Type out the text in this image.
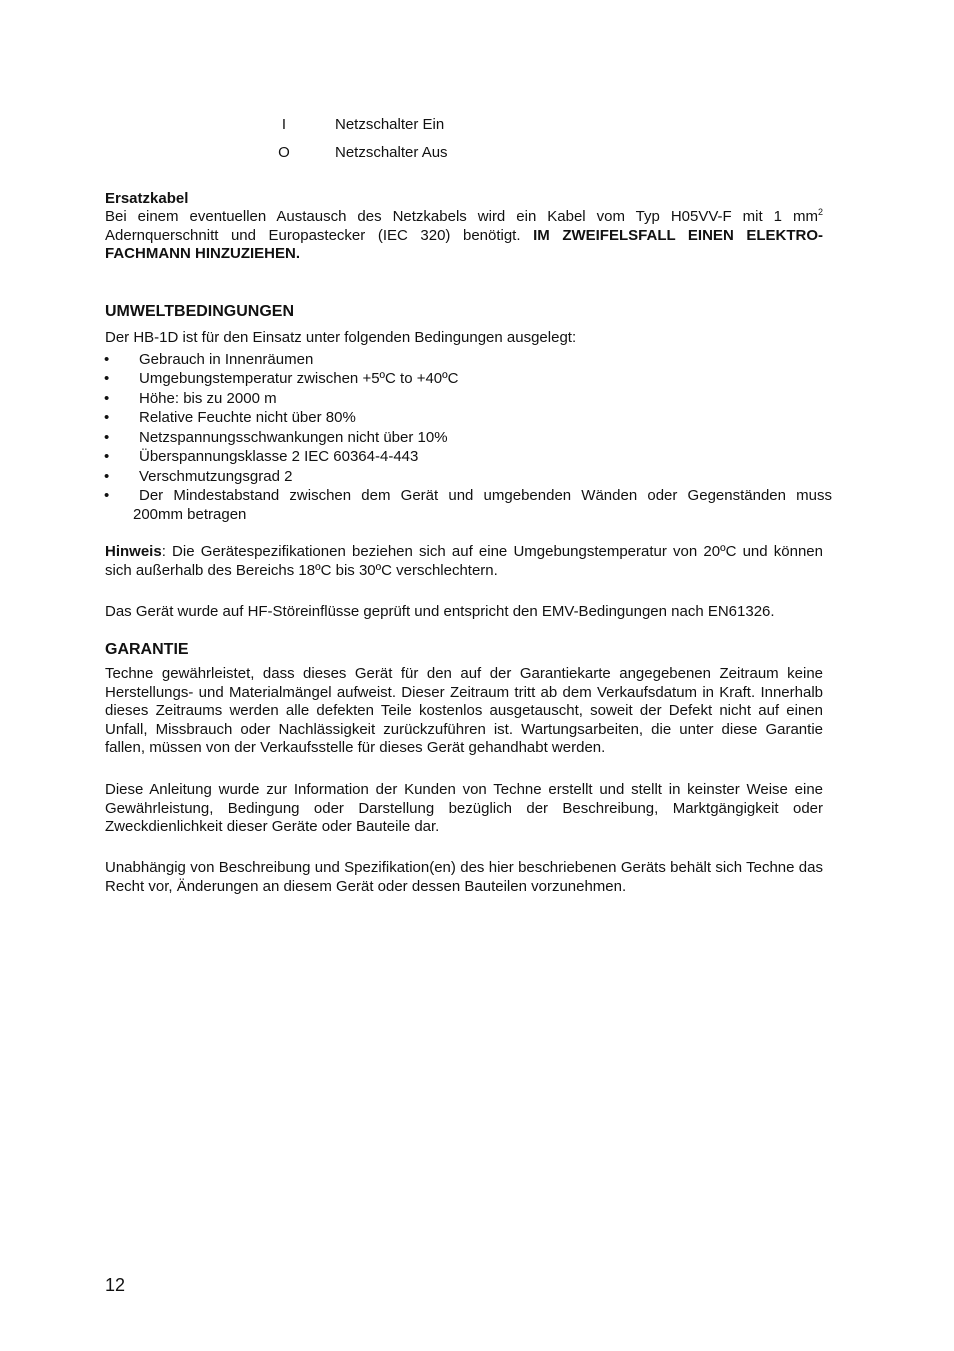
I	Netzschalter Ein
O	Netzschalter Aus
Ersatzkabel
Bei einem eventuellen Austausch des Netzkabels wird ein Kabel vom Typ H05VV-F mit 1 $mm^2$ Adernquerschnitt und Europastecker (IEC 320) benötigt. IM ZWEIFELSFALL EINEN ELEKTRO-FACHMANN HINZUZIEHEN.
UMWELTBEDINGUNGEN
Der HB-1D ist für den Einsatz unter folgenden Bedingungen ausgelegt:
• Gebrauch in Innenräumen
• Umgebungstemperatur zwischen +5ºC to +40ºC
• Höhe: bis zu 2000 m
• Relative Feuchte nicht über 80%
• Netzspannungsschwankungen nicht über 10%
• Überspannungsklasse 2 IEC 60364-4-443
• Verschmutzungsgrad 2
• Der Mindestabstand zwischen dem Gerät und umgebenden Wänden oder Gegenständen muss
200mm betragen
Hinweis: Die Gerätespezifikationen beziehen sich auf eine Umgebungstemperatur von 20ºC und können sich außerhalb des Bereichs 18ºC bis 30ºC verschlechtern.
Das Gerät wurde auf HF-Störeinflüsse geprüft und entspricht den EMV-Bedingungen nach EN61326.
GARANTIE
Techne gewährleistet, dass dieses Gerät für den auf der Garantiekarte angegebenen Zeitraum keine Herstellungs- und Materialmängel aufweist. Dieser Zeitraum tritt ab dem Verkaufsdatum in Kraft. Innerhalb dieses Zeitraums werden alle defekten Teile kostenlos ausgetauscht, soweit der Defekt nicht auf einen Unfall, Missbrauch oder Nachlässigkeit zurückzuführen ist. Wartungsarbeiten, die unter diese Garantie fallen, müssen von der Verkaufsstelle für dieses Gerät gehandhabt werden.
Diese Anleitung wurde zur Information der Kunden von Techne erstellt und stellt in keinster Weise eine Gewährleistung, Bedingung oder Darstellung bezüglich der Beschreibung, Marktgängigkeit oder Zweckdienlichkeit dieser Geräte oder Bauteile dar.
Unabhängig von Beschreibung und Spezifikation(en) des hier beschriebenen Geräts behält sich Techne das Recht vor, Änderungen an diesem Gerät oder dessen Bauteilen vorzunehmen.
12
